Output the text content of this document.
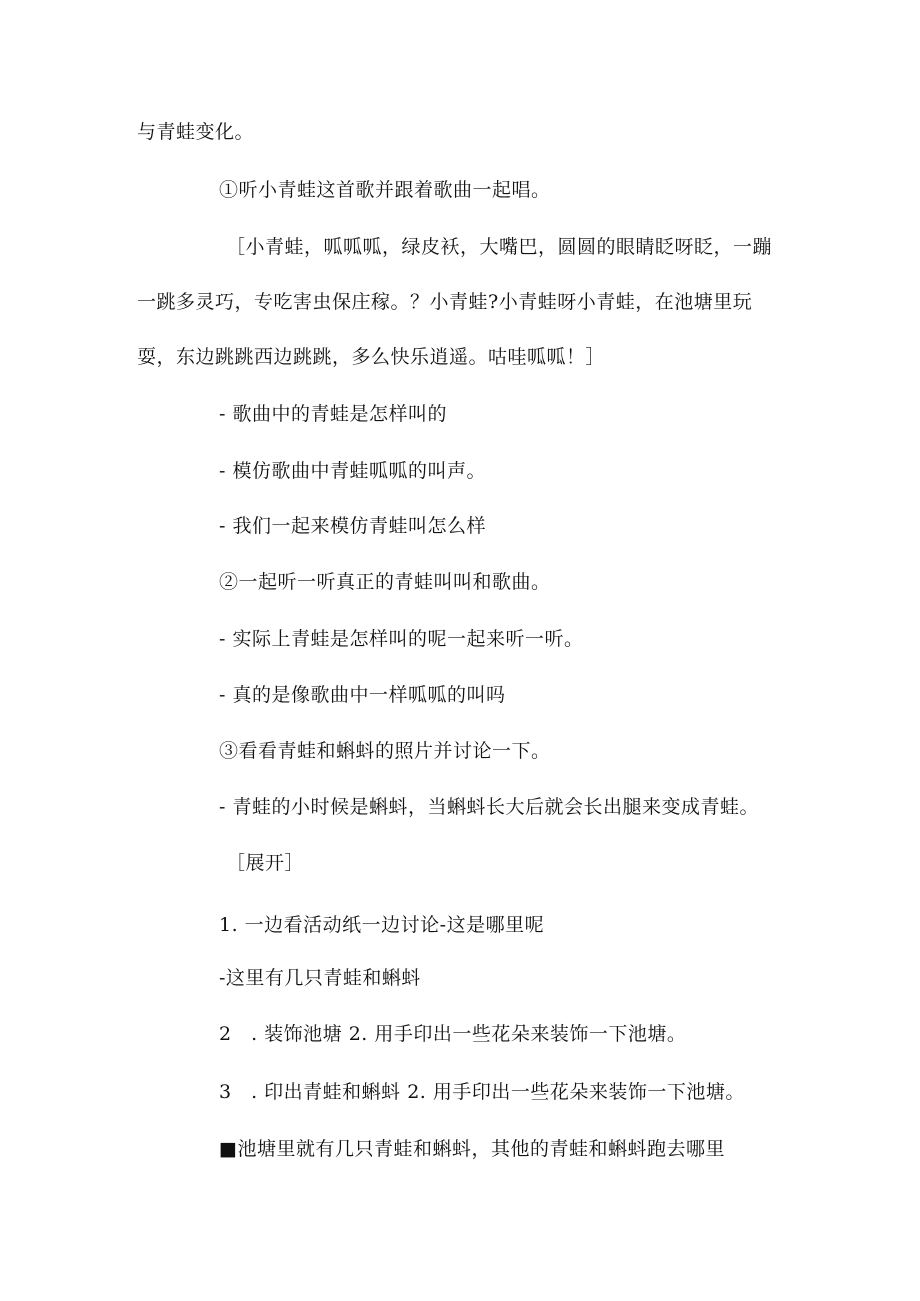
与青蛙变化。
①听小青蛙这首歌并跟着歌曲一起唱。
［小青蛙，呱呱呱，绿皮袄，大嘴巴，圆圆的眼睛眨呀眨，一蹦
一跳多灵巧，专吃害虫保庄稼。？小青蛙?小青蛙呀小青蛙，在池塘里玩
耍，东边跳跳西边跳跳，多么快乐逍遥。咕哇呱呱！］
- 歌曲中的青蛙是怎样叫的
- 模仿歌曲中青蛙呱呱的叫声。
- 我们一起来模仿青蛙叫怎么样
②一起听一听真正的青蛙叫叫和歌曲。
- 实际上青蛙是怎样叫的呢一起来听一听。
- 真的是像歌曲中一样呱呱的叫吗
③看看青蛙和蝌蚪的照片并讨论一下。
- 青蛙的小时候是蝌蚪，当蝌蚪长大后就会长出腿来变成青蛙。
［展开］
1. 一边看活动纸一边讨论-这是哪里呢
-这里有几只青蛙和蝌蚪
2　. 装饰池塘 2. 用手印出一些花朵来装饰一下池塘。
3　. 印出青蛙和蝌蚪 2. 用手印出一些花朵来装饰一下池塘。
■池塘里就有几只青蛙和蝌蚪，其他的青蛙和蝌蚪跑去哪里
